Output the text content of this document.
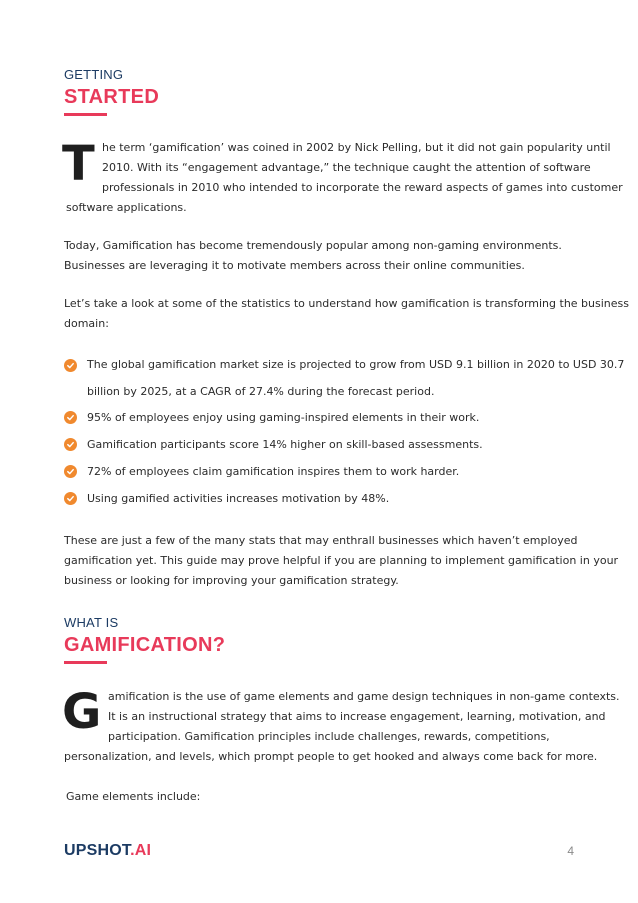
GETTING
STARTED
T he term ‘gamification’ was coined in 2002 by Nick Pelling, but it did not gain popularity until
2010. With its “engagement advantage,” the technique caught the attention of software
professionals in 2010 who intended to incorporate the reward aspects of games into customer
software applications.
Today, Gamification has become tremendously popular among non-gaming environments.
Businesses are leveraging it to motivate members across their online communities.
Let’s take a look at some of the statistics to understand how gamification is transforming the business
domain:
The global gamification market size is projected to grow from USD 9.1 billion in 2020 to USD 30.7
billion by 2025, at a CAGR of 27.4% during the forecast period.
95% of employees enjoy using gaming-inspired elements in their work.
Gamification participants score 14% higher on skill-based assessments.
72% of employees claim gamification inspires them to work harder.
Using gamified activities increases motivation by 48%.
These are just a few of the many stats that may enthrall businesses which haven’t employed
gamification yet. This guide may prove helpful if you are planning to implement gamification in your
business or looking for improving your gamification strategy.
WHAT IS
GAMIFICATION?
G amification is the use of game elements and game design techniques in non-game contexts.
It is an instructional strategy that aims to increase engagement, learning, motivation, and
participation. Gamification principles include challenges, rewards, competitions,
personalization, and levels, which prompt people to get hooked and always come back for more.
Game elements include:
UPSHOT.AI	4
